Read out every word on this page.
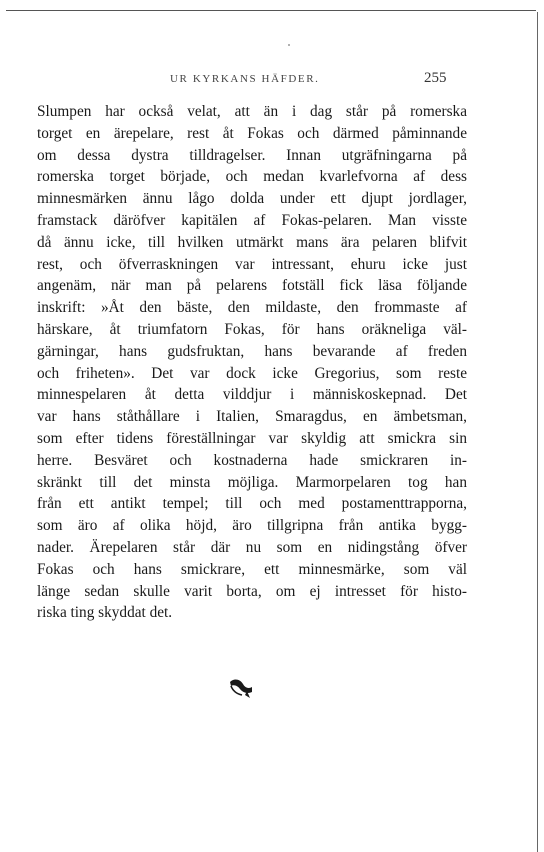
UR KYRKANS HÄFDER.	255
Slumpen har också velat, att än i dag står på romerska
torget en ärepelare, rest åt Fokas och därmed påminnande
om dessa dystra tilldragelser. Innan utgräfningarna på
romerska torget började, och medan kvarlefvorna af dess
minnesmärken ännu lågo dolda under ett djupt jordlager,
framstack däröfver kapitälen af Fokas-pelaren. Man visste
då ännu icke, till hvilken utmärkt mans ära pelaren blifvit
rest, och öfverraskningen var intressant, ehuru icke just
angenäm, när man på pelarens fotställ fick läsa följande
inskrift: »Åt den bäste, den mildaste, den frommaste af
härskare, åt triumfatorn Fokas, för hans oräkneliga väl-
gärningar, hans gudsfruktan, hans bevarande af freden
och friheten». Det var dock icke Gregorius, som reste
minnespelaren åt detta vilddjur i människoskepnad. Det
var hans ståthållare i Italien, Smaragdus, en ämbetsman,
som efter tidens föreställningar var skyldig att smickra sin
herre. Besväret och kostnaderna hade smickraren in-
skränkt till det minsta möjliga. Marmorpelaren tog han
från ett antikt tempel; till och med postamenttrapporna,
som äro af olika höjd, äro tillgripna från antika bygg-
nader. Ärepelaren står där nu som en nidingstång öfver
Fokas och hans smickrare, ett minnesmärke, som väl
länge sedan skulle varit borta, om ej intresset för histo-
riska ting skyddat det.
